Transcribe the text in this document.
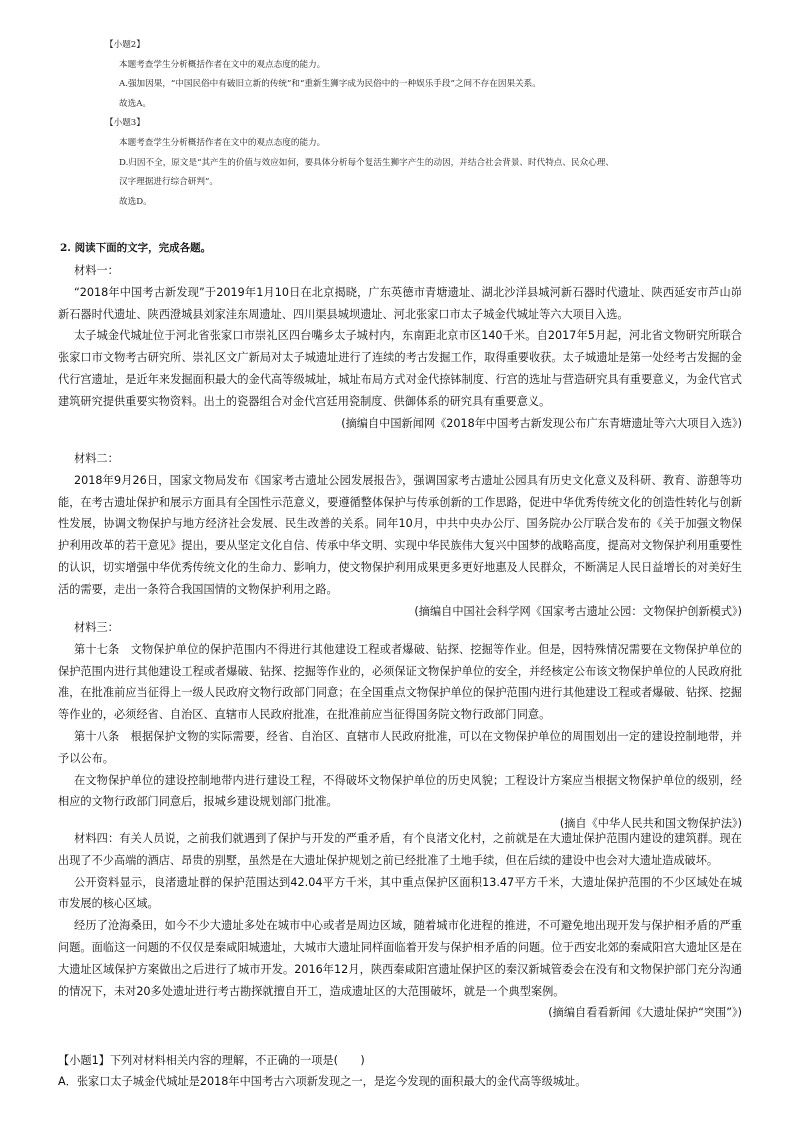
【小题2】

本题考查学生分析概括作者在文中的观点态度的能力。

A.强加因果，“中国民俗中有破旧立新的传统”和“重新生狮字成为民俗中的一种娱乐手段”之间不存在因果关系。

故选A。

【小题3】

本题考查学生分析概括作者在文中的观点态度的能力。

D.归因不全，原文是“其产生的价值与效应如何，要具体分析每个复活生狮字产生的动因，并结合社会背景、时代特点、民众心理、

汉字理据进行综合研判”。

故选D。

2. 阅读下面的文字，完成各题。

材料一：

“2018年中国考古新发现”于2019年1月10日在北京揭晓，广东英德市青塘遗址、湖北沙洋县城河新石器时代遗址、陕西延安市芦山峁新石器时代遗址、陕西澄城县刘家洼东周遗址、四川渠县城坝遗址、河北张家口市太子城金代城址等六大项目入选。

太子城金代城址位于河北省张家口市崇礼区四台嘴乡太子城村内，东南距北京市区140千米。自2017年5月起，河北省文物研究所联合张家口市文物考古研究所、崇礼区文广新局对太子城遗址进行了连续的考古发掘工作，取得重要收获。太子城遗址是第一处经考古发掘的金代行宫遗址，是近年来发掘面积最大的金代高等级城址，城址布局方式对金代捺钵制度、行宫的选址与营造研究具有重要意义，为金代官式建筑研究提供重要实物资料。出土的瓷器组合对金代宫廷用瓷制度、供御体系的研究具有重要意义。

(摘编自中国新闻网《2018年中国考古新发现公布广东青塘遗址等六大项目入选》)

材料二：

2018年9月26日，国家文物局发布《国家考古遗址公园发展报告》，强调国家考古遗址公园具有历史文化意义及科研、教育、游憩等功能，在考古遗址保护和展示方面具有全国性示范意义，要遵循整体保护与传承创新的工作思路，促进中华优秀传统文化的创造性转化与创新性发展，协调文物保护与地方经济社会发展、民生改善的关系。同年10月，中共中央办公厅、国务院办公厅联合发布的《关于加强文物保护利用改革的若干意见》提出，要从坚定文化自信、传承中华文明、实现中华民族伟大复兴中国梦的战略高度，提高对文物保护利用重要性的认识，切实增强中华优秀传统文化的生命力、影响力，使文物保护利用成果更多更好地惠及人民群众，不断满足人民日益增长的对美好生活的需要，走出一条符合我国国情的文物保护利用之路。

(摘编自中国社会科学网《国家考古遗址公园：文物保护创新模式》)

材料三：

第十七条　文物保护单位的保护范围内不得进行其他建设工程或者爆破、钻探、挖掘等作业。但是，因特殊情况需要在文物保护单位的保护范围内进行其他建设工程或者爆破、钻探、挖掘等作业的，必须保证文物保护单位的安全，并经核定公布该文物保护单位的人民政府批准，在批准前应当征得上一级人民政府文物行政部门同意；在全国重点文物保护单位的保护范围内进行其他建设工程或者爆破、钻探、挖掘等作业的，必须经省、自治区、直辖市人民政府批准，在批准前应当征得国务院文物行政部门同意。

第十八条　根据保护文物的实际需要，经省、自治区、直辖市人民政府批准，可以在文物保护单位的周围划出一定的建设控制地带，并予以公布。

在文物保护单位的建设控制地带内进行建设工程，不得破坏文物保护单位的历史风貌；工程设计方案应当根据文物保护单位的级别，经相应的文物行政部门同意后，报城乡建设规划部门批准。

(摘自《中华人民共和国文物保护法》)

材料四：有关人员说，之前我们就遇到了保护与开发的严重矛盾，有个良渚文化村，之前就是在大遗址保护范围内建设的建筑群。现在出现了不少高端的酒店、昂贵的别墅，虽然是在大遗址保护规划之前已经批准了土地手续，但在后续的建设中也会对大遗址造成破坏。

公开资料显示，良渚遗址群的保护范围达到42.04平方千米，其中重点保护区面积13.47平方千米，大遗址保护范围的不少区域处在城市发展的核心区域。

经历了沧海桑田，如今不少大遗址多处在城市中心或者是周边区域，随着城市化进程的推进，不可避免地出现开发与保护相矛盾的严重问题。面临这一问题的不仅仅是秦咸阳城遗址，大城市大遗址同样面临着开发与保护相矛盾的问题。位于西安北郊的秦咸阳宫大遗址区是在大遗址区域保护方案做出之后进行了城市开发。2016年12月，陕西秦咸阳宫遗址保护区的秦汉新城管委会在没有和文物保护部门充分沟通的情况下，未对20多处遗址进行考古勘探就擅自开工，造成遗址区的大范围破坏，就是一个典型案例。

(摘编自看看新闻《大遗址保护“突围”》)

【小题1】下列对材料相关内容的理解，不正确的一项是(　　)

A．张家口太子城金代城址是2018年中国考古六项新发现之一，是迄今发现的面积最大的金代高等级城址。
